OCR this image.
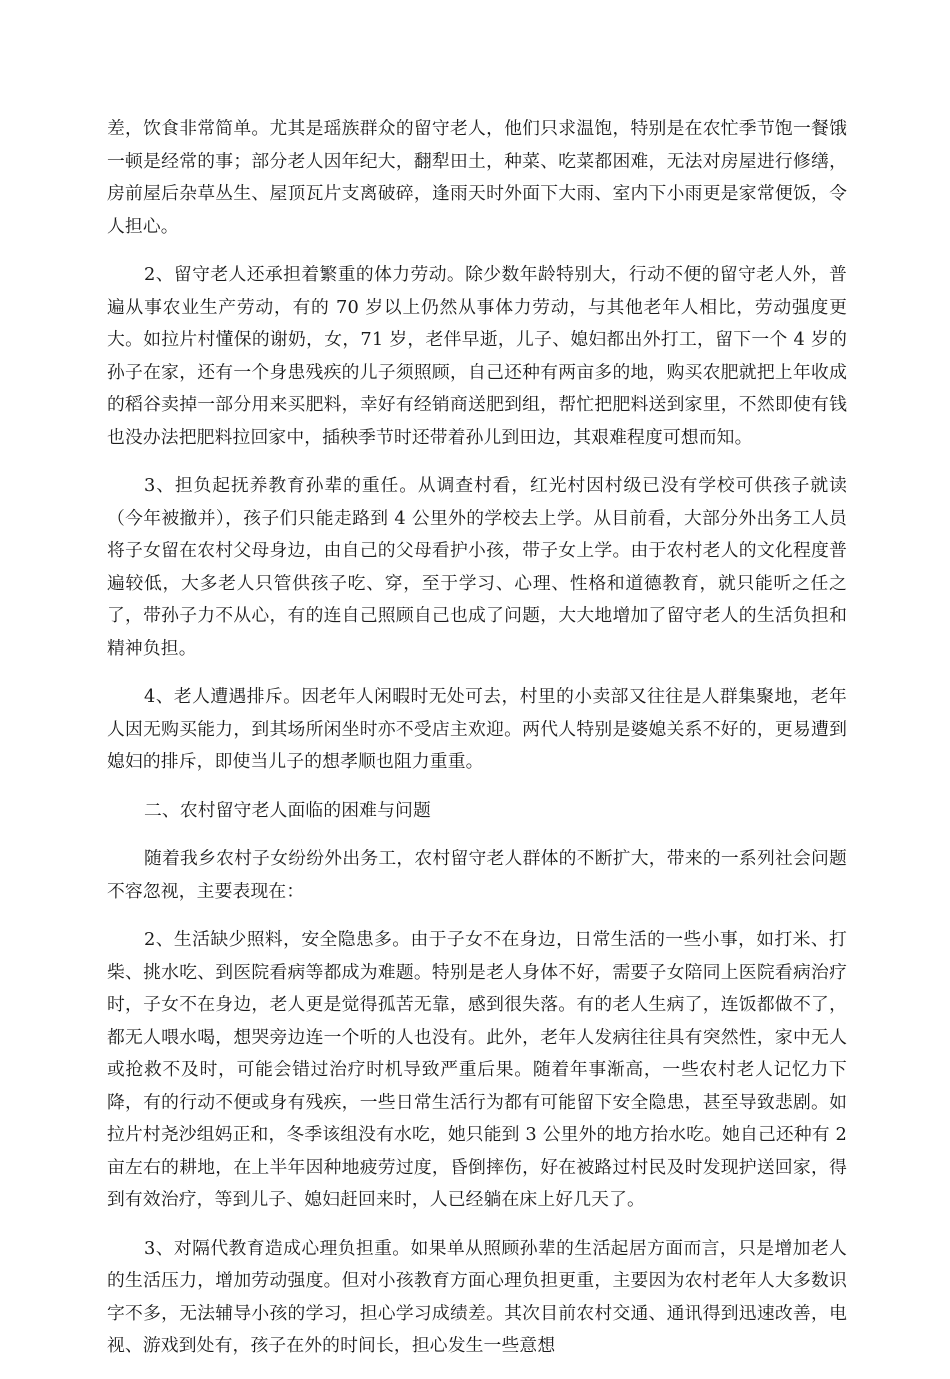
差，饮食非常简单。尤其是瑶族群众的留守老人，他们只求温饱，特别是在农忙季节饱一餐饿一顿是经常的事；部分老人因年纪大，翻犁田土，种菜、吃菜都困难，无法对房屋进行修缮，房前屋后杂草丛生、屋顶瓦片支离破碎，逢雨天时外面下大雨、室内下小雨更是家常便饭，令人担心。

2、留守老人还承担着繁重的体力劳动。除少数年龄特别大，行动不便的留守老人外，普遍从事农业生产劳动，有的 70 岁以上仍然从事体力劳动，与其他老年人相比，劳动强度更大。如拉片村懂保的谢奶，女，71 岁，老伴早逝，儿子、媳妇都出外打工，留下一个 4 岁的孙子在家，还有一个身患残疾的儿子须照顾，自己还种有两亩多的地，购买农肥就把上年收成的稻谷卖掉一部分用来买肥料，幸好有经销商送肥到组，帮忙把肥料送到家里，不然即使有钱也没办法把肥料拉回家中，插秧季节时还带着孙儿到田边，其艰难程度可想而知。

3、担负起抚养教育孙辈的重任。从调查村看，红光村因村级已没有学校可供孩子就读（今年被撤并），孩子们只能走路到 4 公里外的学校去上学。从目前看，大部分外出务工人员将子女留在农村父母身边，由自己的父母看护小孩，带子女上学。由于农村老人的文化程度普遍较低，大多老人只管供孩子吃、穿，至于学习、心理、性格和道德教育，就只能听之任之了，带孙子力不从心，有的连自己照顾自己也成了问题，大大地增加了留守老人的生活负担和精神负担。

4、老人遭遇排斥。因老年人闲暇时无处可去，村里的小卖部又往往是人群集聚地，老年人因无购买能力，到其场所闲坐时亦不受店主欢迎。两代人特别是婆媳关系不好的，更易遭到媳妇的排斥，即使当儿子的想孝顺也阻力重重。

二、农村留守老人面临的困难与问题

随着我乡农村子女纷纷外出务工，农村留守老人群体的不断扩大，带来的一系列社会问题不容忽视，主要表现在：

2、生活缺少照料，安全隐患多。由于子女不在身边，日常生活的一些小事，如打米、打柴、挑水吃、到医院看病等都成为难题。特别是老人身体不好，需要子女陪同上医院看病治疗时，子女不在身边，老人更是觉得孤苦无靠，感到很失落。有的老人生病了，连饭都做不了，都无人喂水喝，想哭旁边连一个听的人也没有。此外，老年人发病往往具有突然性，家中无人或抢救不及时，可能会错过治疗时机导致严重后果。随着年事渐高，一些农村老人记忆力下降，有的行动不便或身有残疾，一些日常生活行为都有可能留下安全隐患，甚至导致悲剧。如拉片村尧沙组妈正和，冬季该组没有水吃，她只能到 3 公里外的地方抬水吃。她自己还种有 2 亩左右的耕地，在上半年因种地疲劳过度，昏倒摔伤，好在被路过村民及时发现护送回家，得到有效治疗，等到儿子、媳妇赶回来时，人已经躺在床上好几天了。

3、对隔代教育造成心理负担重。如果单从照顾孙辈的生活起居方面而言，只是增加老人的生活压力，增加劳动强度。但对小孩教育方面心理负担更重，主要因为农村老年人大多数识字不多，无法辅导小孩的学习，担心学习成绩差。其次目前农村交通、通讯得到迅速改善，电视、游戏到处有，孩子在外的时间长，担心发生一些意想
